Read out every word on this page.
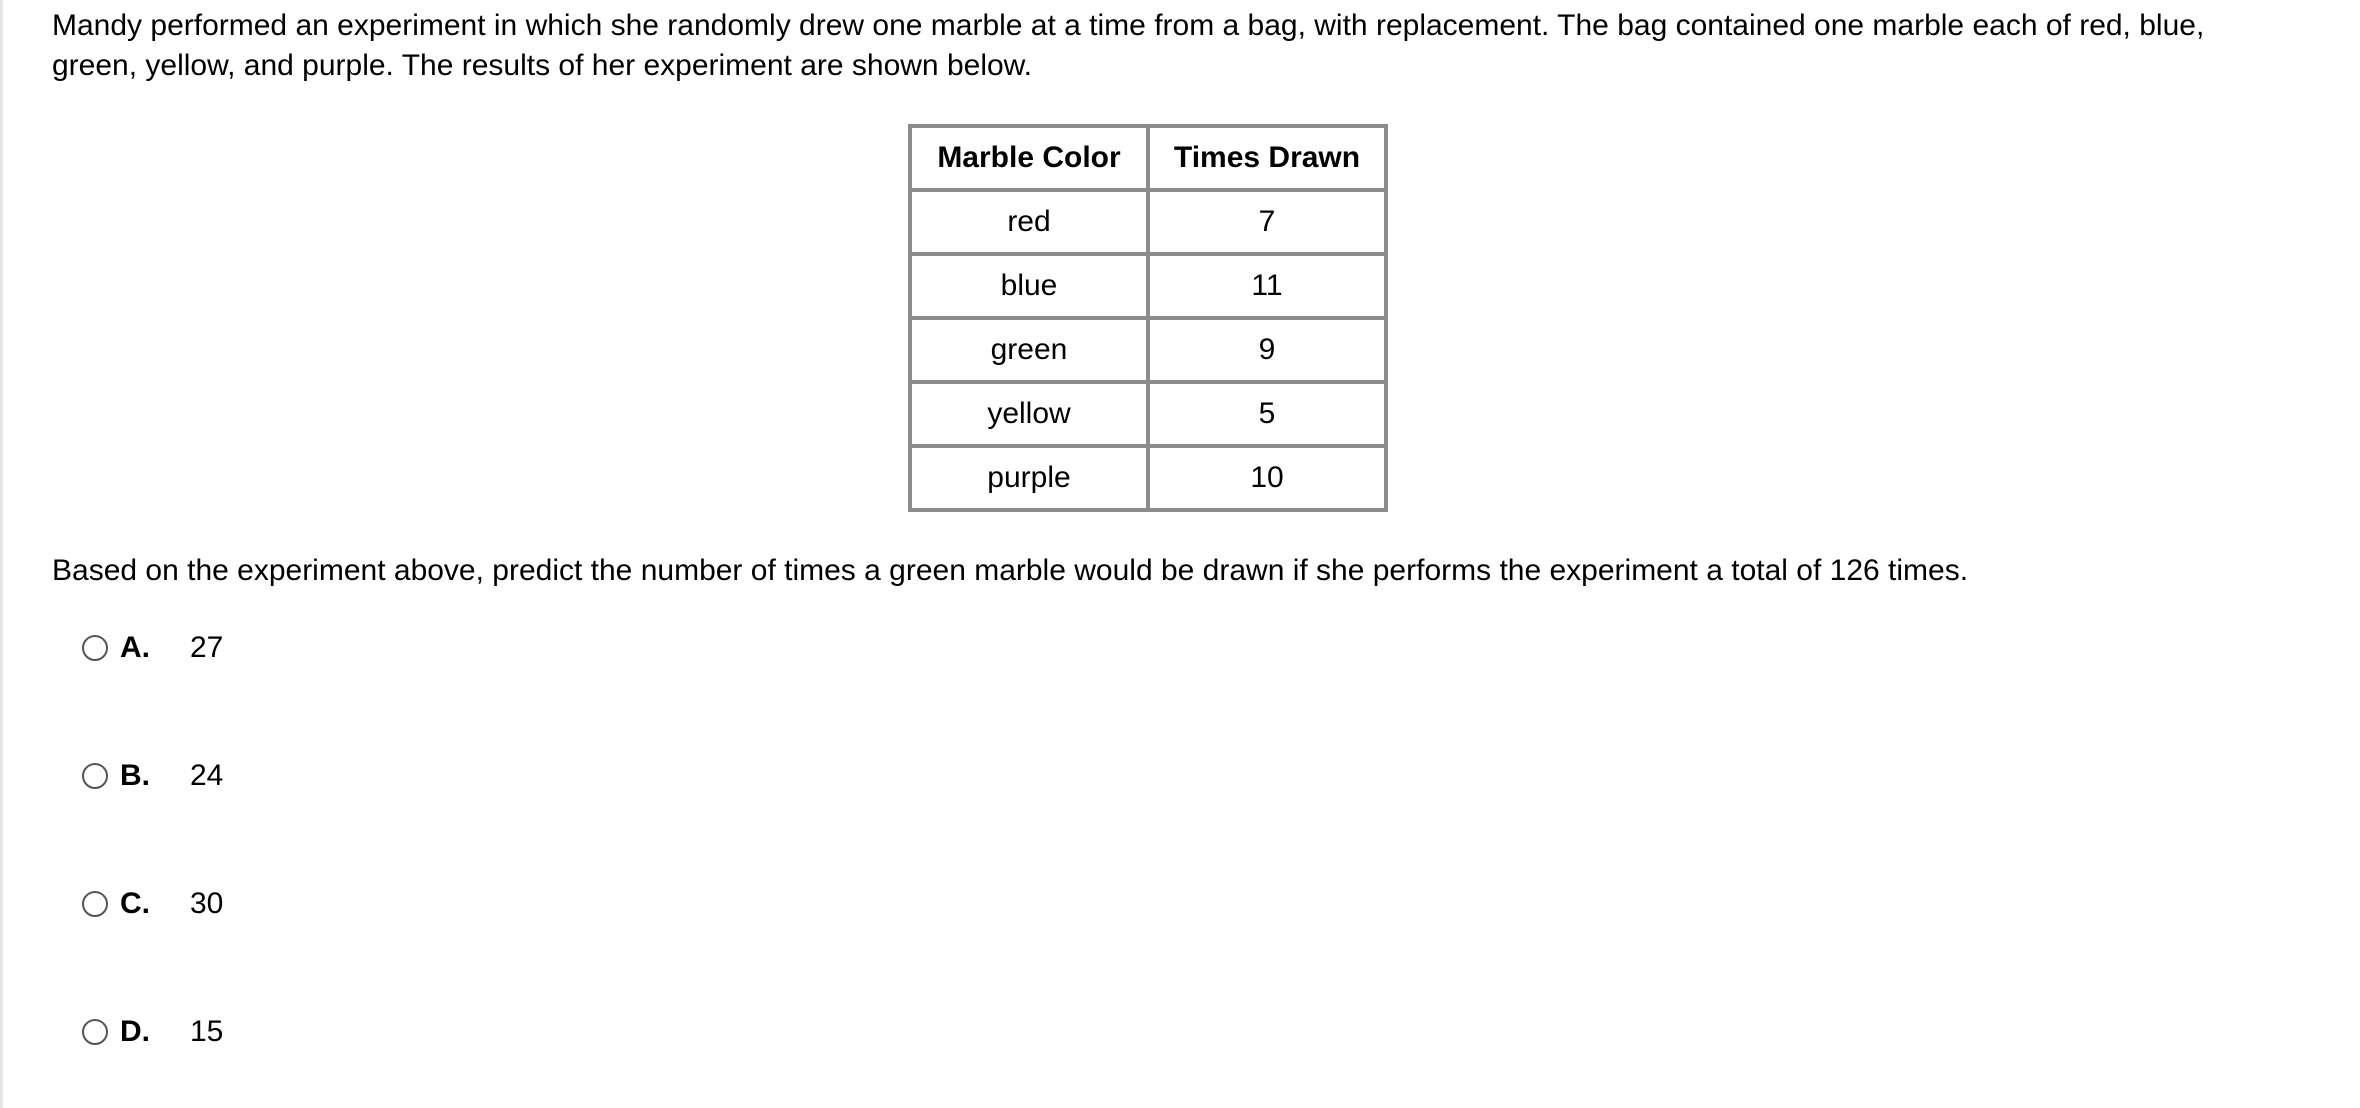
Mandy performed an experiment in which she randomly drew one marble at a time from a bag, with replacement. The bag contained one marble each of red, blue, green, yellow, and purple. The results of her experiment are shown below.

Marble Color	Times Drawn
red	7
blue	11
green	9
yellow	5
purple	10

Based on the experiment above, predict the number of times a green marble would be drawn if she performs the experiment a total of 126 times.

A.	27
B.	24
C.	30
D.	15
